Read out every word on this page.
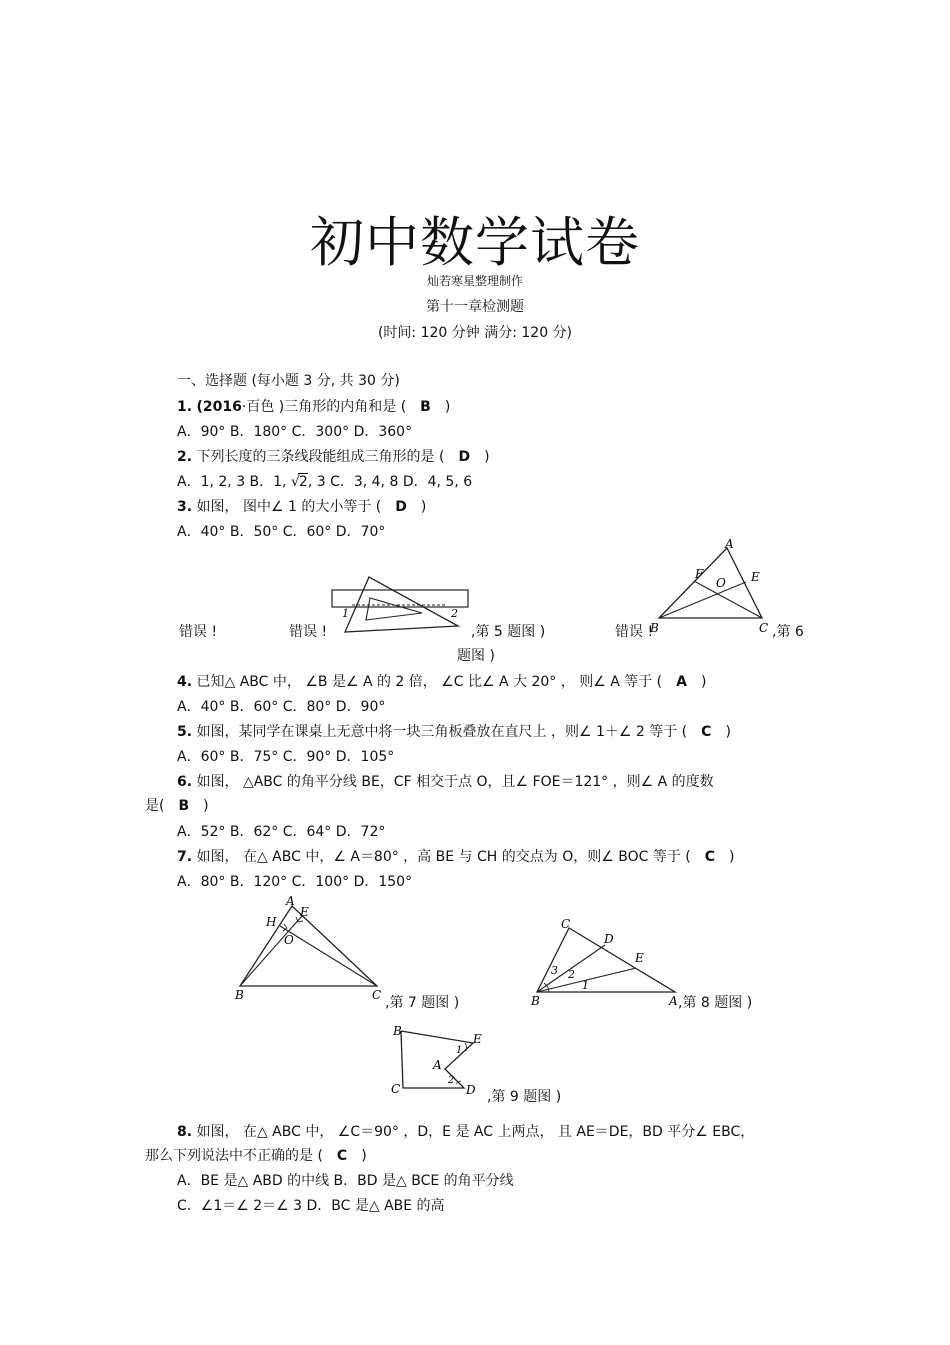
初中数学试卷
灿若寒星整理制作
第十一章检测题
(时间: 120 分钟 满分: 120 分)
一、选择题 (每小题 3 分, 共 30 分)
1. (2016·百色 )三角形的内角和是 ( B )
A．90° B．180° C．300° D．360°
2. 下列长度的三条线段能组成三角形的是 ( D )
A．1, 2, 3 B．1, √2, 3 C．3, 4, 8 D．4, 5, 6
3. 如图， 图中∠ 1 的大小等于 ( D )
A．40° B．50° C．60° D．70°
错误 !	错误 !
1	2
,第 5 题图 )	错误 !
A
B	C
E
F
O
,第 6
题图 )
4. 已知△ ABC 中， ∠B 是∠ A 的 2 倍， ∠C 比∠ A 大 20° ， 则∠ A 等于 ( A )
A．40° B．60° C．80° D．90°
5. 如图，某同学在课桌上无意中将一块三角板叠放在直尺上 ，则∠ 1＋∠ 2 等于 ( C )
A．60° B．75° C．90° D．105°
6. 如图， △ABC 的角平分线 BE，CF 相交于点 O，且∠ FOE＝121° ，则∠ A 的度数
是( B )
A．52° B．62° C．64° D．72°
7. 如图， 在△ ABC 中，∠ A＝80° ，高 BE 与 CH 的交点为 O，则∠ BOC 等于 ( C )
A．80° B．120° C．100° D．150°
A
B	C
E
H
O
,第 7 题图 )
C
B	A
D
E
1
2
3
,第 8 题图 )
B
E
A
C	D
1
2
,第 9 题图 )
8. 如图， 在△ ABC 中， ∠C＝90° ，D，E 是 AC 上两点， 且 AE＝DE，BD 平分∠ EBC，
那么下列说法中不正确的是 ( C )
A．BE 是△ ABD 的中线 B．BD 是△ BCE 的角平分线
C．∠1＝∠ 2＝∠ 3 D．BC 是△ ABE 的高
